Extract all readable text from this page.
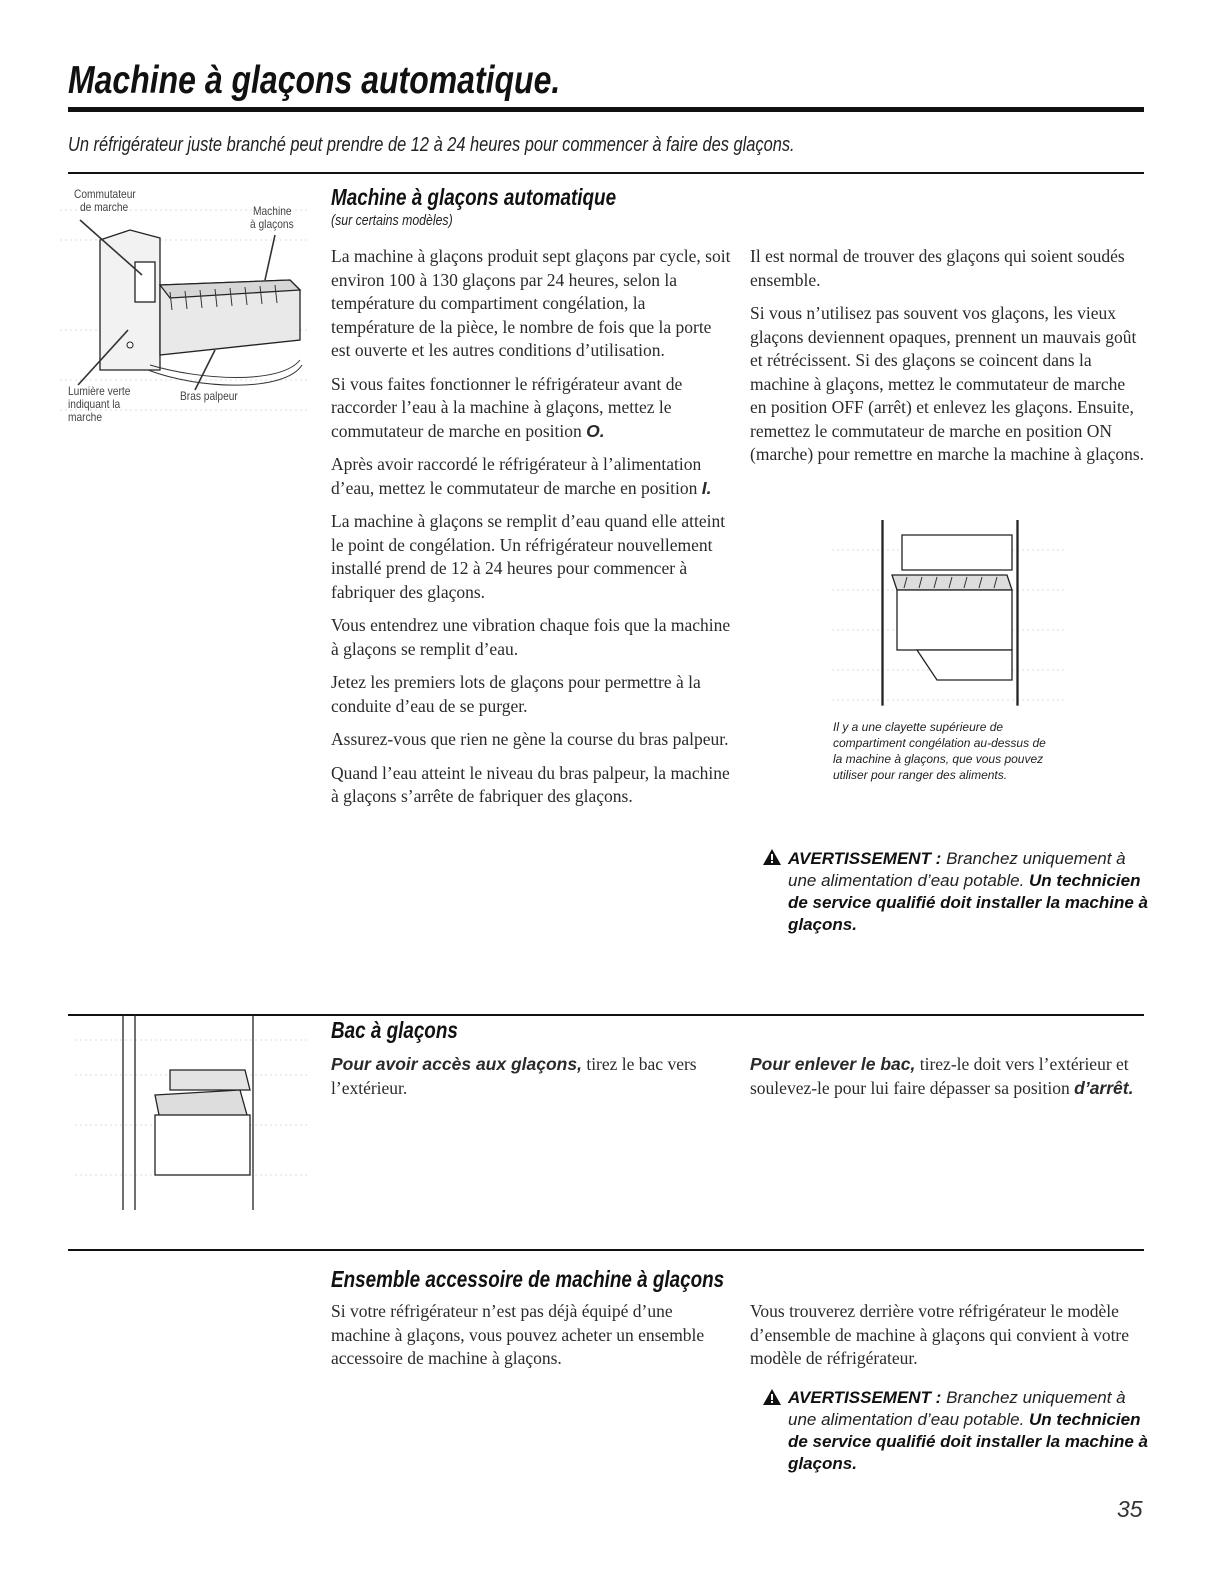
Machine à glaçons automatique.
Un réfrigérateur juste branché peut prendre de 12 à 24 heures pour commencer à faire des glaçons.
Commutateur
de marche	Machine
à glaçons
Lumière verte
indiquant la
marche
Bras palpeur
Machine à glaçons automatique
(sur certains modèles)

La machine à glaçons produit sept glaçons par cycle, soit environ 100 à 130 glaçons par 24 heures, selon la température du compartiment congélation, la température de la pièce, le nombre de fois que la porte est ouverte et les autres conditions d’utilisation.

Si vous faites fonctionner le réfrigérateur avant de raccorder l’eau à la machine à glaçons, mettez le commutateur de marche en position O.

Après avoir raccordé le réfrigérateur à l’alimentation d’eau, mettez le commutateur de marche en position I.

La machine à glaçons se remplit d’eau quand elle atteint le point de congélation. Un réfrigérateur nouvellement installé prend de 12 à 24 heures pour commencer à fabriquer des glaçons.

Vous entendrez une vibration chaque fois que la machine à glaçons se remplit d’eau.

Jetez les premiers lots de glaçons pour permettre à la conduite d’eau de se purger.

Assurez-vous que rien ne gène la course du bras palpeur.

Quand l’eau atteint le niveau du bras palpeur, la machine à glaçons s’arrête de fabriquer des glaçons.

Il est normal de trouver des glaçons qui soient soudés ensemble.

Si vous n’utilisez pas souvent vos glaçons, les vieux glaçons deviennent opaques, prennent un mauvais goût et rétrécissent. Si des glaçons se coincent dans la machine à glaçons, mettez le commutateur de marche en position OFF (arrêt) et enlevez les glaçons. Ensuite, remettez le commutateur de marche en position ON (marche) pour remettre en marche la machine à glaçons.

Il y a une clayette supérieure de compartiment congélation au-dessus de la machine à glaçons, que vous pouvez utiliser pour ranger des aliments.
AVERTISSEMENT : Branchez uniquement à une alimentation d’eau potable. Un technicien de service qualifié doit installer la machine à glaçons.
Bac à glaçons
Pour avoir accès aux glaçons, tirez le bac vers l’extérieur.
Pour enlever le bac, tirez-le doit vers l’extérieur et soulevez-le pour lui faire dépasser sa position d’arrêt.
Ensemble accessoire de machine à glaçons
Si votre réfrigérateur n’est pas déjà équipé d’une machine à glaçons, vous pouvez acheter un ensemble accessoire de machine à glaçons.
Vous trouverez derrière votre réfrigérateur le modèle d’ensemble de machine à glaçons qui convient à votre modèle de réfrigérateur.
AVERTISSEMENT : Branchez uniquement à une alimentation d’eau potable. Un technicien de service qualifié doit installer la machine à glaçons.
35
